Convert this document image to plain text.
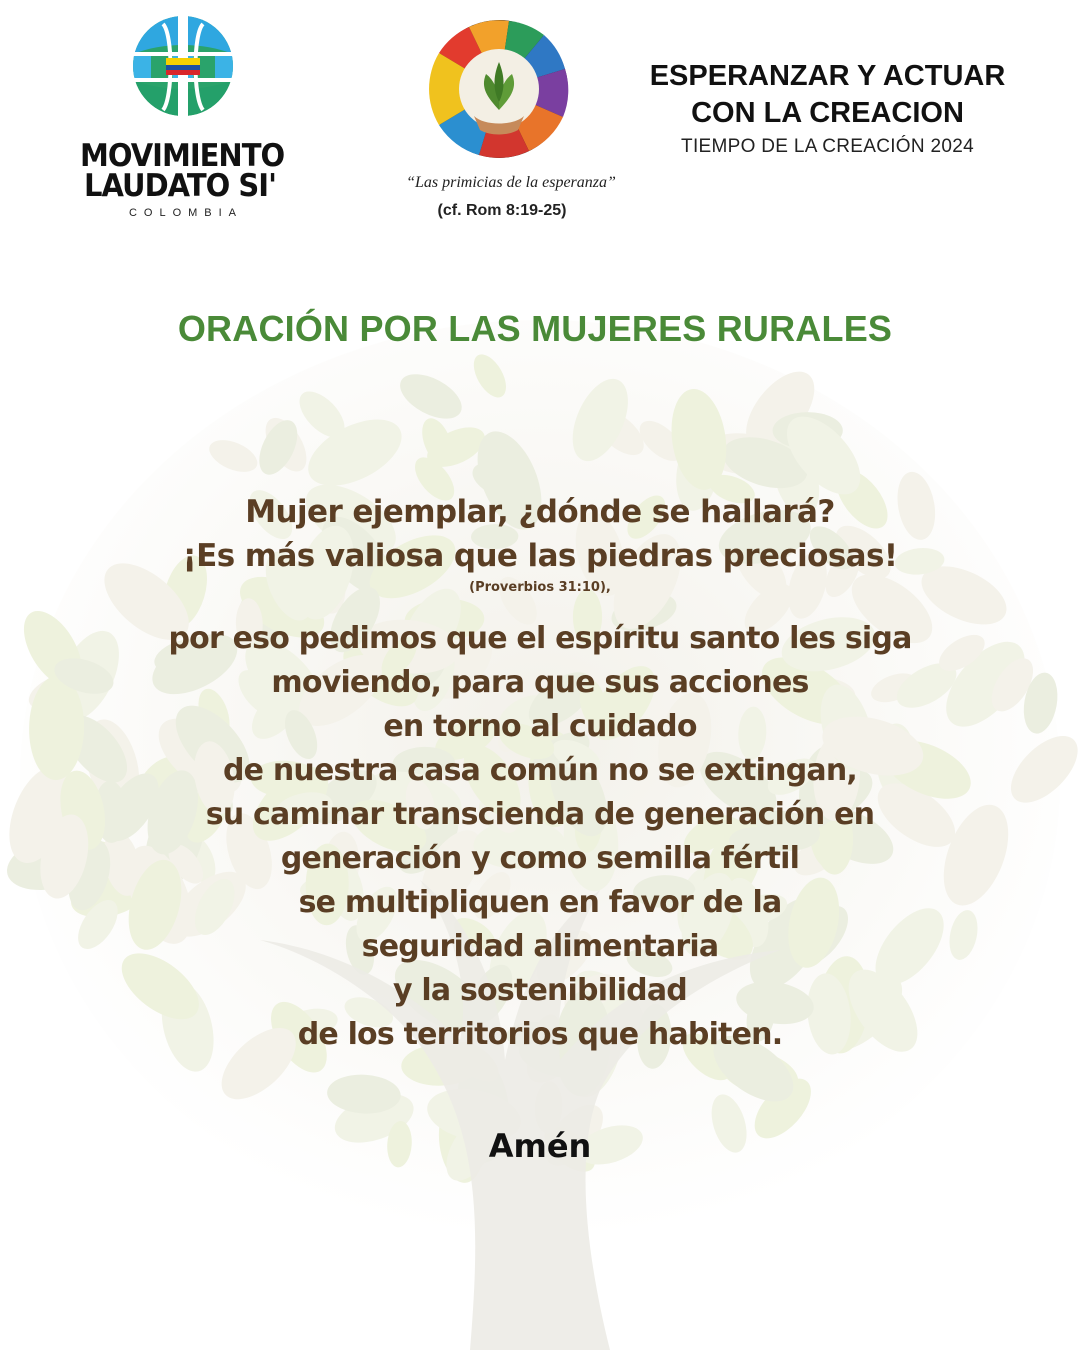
MOVIMIENTO
LAUDATO SI'
COLOMBIA
“Las primicias de la esperanza”
(cf. Rom 8:19-25)
ESPERANZAR Y ACTUAR
CON LA CREACION
TIEMPO DE LA CREACIÓN 2024
ORACIÓN POR LAS MUJERES RURALES
Mujer ejemplar, ¿dónde se hallará?
¡Es más valiosa que las piedras preciosas!
(Proverbios 31:10),
por eso pedimos que el espíritu santo les siga
moviendo, para que sus acciones
en torno al cuidado
de nuestra casa común no se extingan,
su caminar transcienda de generación en
generación y como semilla fértil
se multipliquen en favor de la
seguridad alimentaria
y la sostenibilidad
de los territorios que habiten.
Amén
